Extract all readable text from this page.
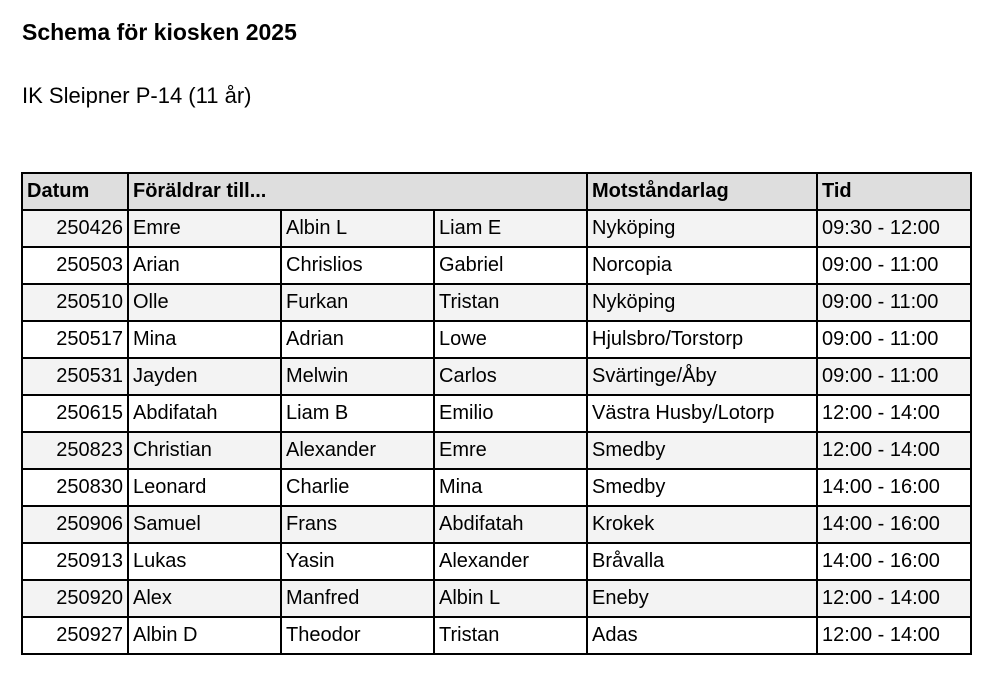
Schema för kiosken 2025
IK Sleipner P-14 (11 år)
Datum	Föräldrar till...			Motståndarlag	Tid
250426	Emre	Albin L	Liam E	Nyköping	09:30 - 12:00
250503	Arian	Chrislios	Gabriel	Norcopia	09:00 - 11:00
250510	Olle	Furkan	Tristan	Nyköping	09:00 - 11:00
250517	Mina	Adrian	Lowe	Hjulsbro/Torstorp	09:00 - 11:00
250531	Jayden	Melwin	Carlos	Svärtinge/Åby	09:00 - 11:00
250615	Abdifatah	Liam B	Emilio	Västra Husby/Lotorp	12:00 - 14:00
250823	Christian	Alexander	Emre	Smedby	12:00 - 14:00
250830	Leonard	Charlie	Mina	Smedby	14:00 - 16:00
250906	Samuel	Frans	Abdifatah	Krokek	14:00 - 16:00
250913	Lukas	Yasin	Alexander	Bråvalla	14:00 - 16:00
250920	Alex	Manfred	Albin L	Eneby	12:00 - 14:00
250927	Albin D	Theodor	Tristan	Adas	12:00 - 14:00
